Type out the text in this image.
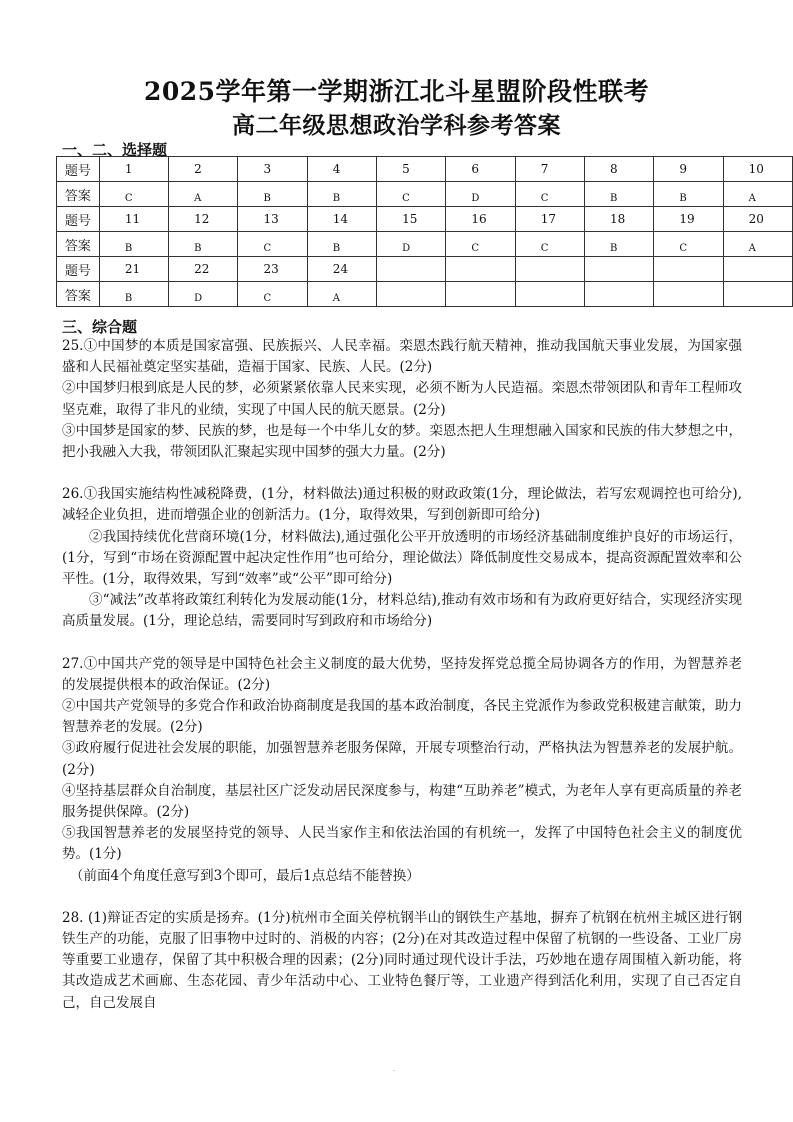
2025学年第一学期浙江北斗星盟阶段性联考
高二年级思想政治学科参考答案
一、二、选择题
题号	1	2	3	4	5	6	7	8	9	10
答案	C	A	B	B	C	D	C	B	B	A
题号	11	12	13	14	15	16	17	18	19	20
答案	B	B	C	B	D	C	C	B	C	A
题号	21	22	23	24						
答案	B	D	C	A						
三、综合题

25.①中国梦的本质是国家富强、民族振兴、人民幸福。栾恩杰践行航天精神，推动我国航天事业发展，为国家强盛和人民福祉奠定坚实基础，造福于国家、民族、人民。(2分)

②中国梦归根到底是人民的梦，必须紧紧依靠人民来实现，必须不断为人民造福。栾恩杰带领团队和青年工程师攻坚克难，取得了非凡的业绩，实现了中国人民的航天愿景。(2分)

③中国梦是国家的梦、民族的梦，也是每一个中华儿女的梦。栾恩杰把人生理想融入国家和民族的伟大梦想之中，把小我融入大我，带领团队汇聚起实现中国梦的强大力量。(2分)

26.①我国实施结构性减税降费，(1分，材料做法)通过积极的财政政策(1分，理论做法，若写宏观调控也可给分),减轻企业负担，进而增强企业的创新活力。(1分，取得效果，写到创新即可给分)

②我国持续优化营商环境(1分，材料做法),通过强化公平开放透明的市场经济基础制度维护良好的市场运行，(1分，写到“市场在资源配置中起决定性作用”也可给分，理论做法）降低制度性交易成本，提高资源配置效率和公平性。(1分，取得效果，写到“效率”或“公平”即可给分)

③“减法”改革将政策红利转化为发展动能(1分，材料总结),推动有效市场和有为政府更好结合，实现经济实现高质量发展。(1分，理论总结，需要同时写到政府和市场给分)

27.①中国共产党的领导是中国特色社会主义制度的最大优势，坚持发挥党总揽全局协调各方的作用，为智慧养老的发展提供根本的政治保证。(2分)

②中国共产党领导的多党合作和政治协商制度是我国的基本政治制度，各民主党派作为参政党积极建言献策，助力智慧养老的发展。(2分)

③政府履行促进社会发展的职能，加强智慧养老服务保障，开展专项整治行动，严格执法为智慧养老的发展护航。(2分)

④坚持基层群众自治制度，基层社区广泛发动居民深度参与，构建“互助养老”模式，为老年人享有更高质量的养老服务提供保障。(2分)

⑤我国智慧养老的发展坚持党的领导、人民当家作主和依法治国的有机统一，发挥了中国特色社会主义的制度优势。(1分)

（前面4个角度任意写到3个即可，最后1点总结不能替换）

28. (1)辩证否定的实质是扬弃。(1分)杭州市全面关停杭钢半山的钢铁生产基地，摒弃了杭钢在杭州主城区进行钢铁生产的功能，克服了旧事物中过时的、消极的内容；(2分)在对其改造过程中保留了杭钢的一些设备、工业厂房等重要工业遗存，保留了其中积极合理的因素；(2分)同时通过现代设计手法，巧妙地在遗存周围植入新功能，将其改造成艺术画廊、生态花园、青少年活动中心、工业特色餐厅等，工业遗产得到活化利用，实现了自己否定自己，自己发展自

·
